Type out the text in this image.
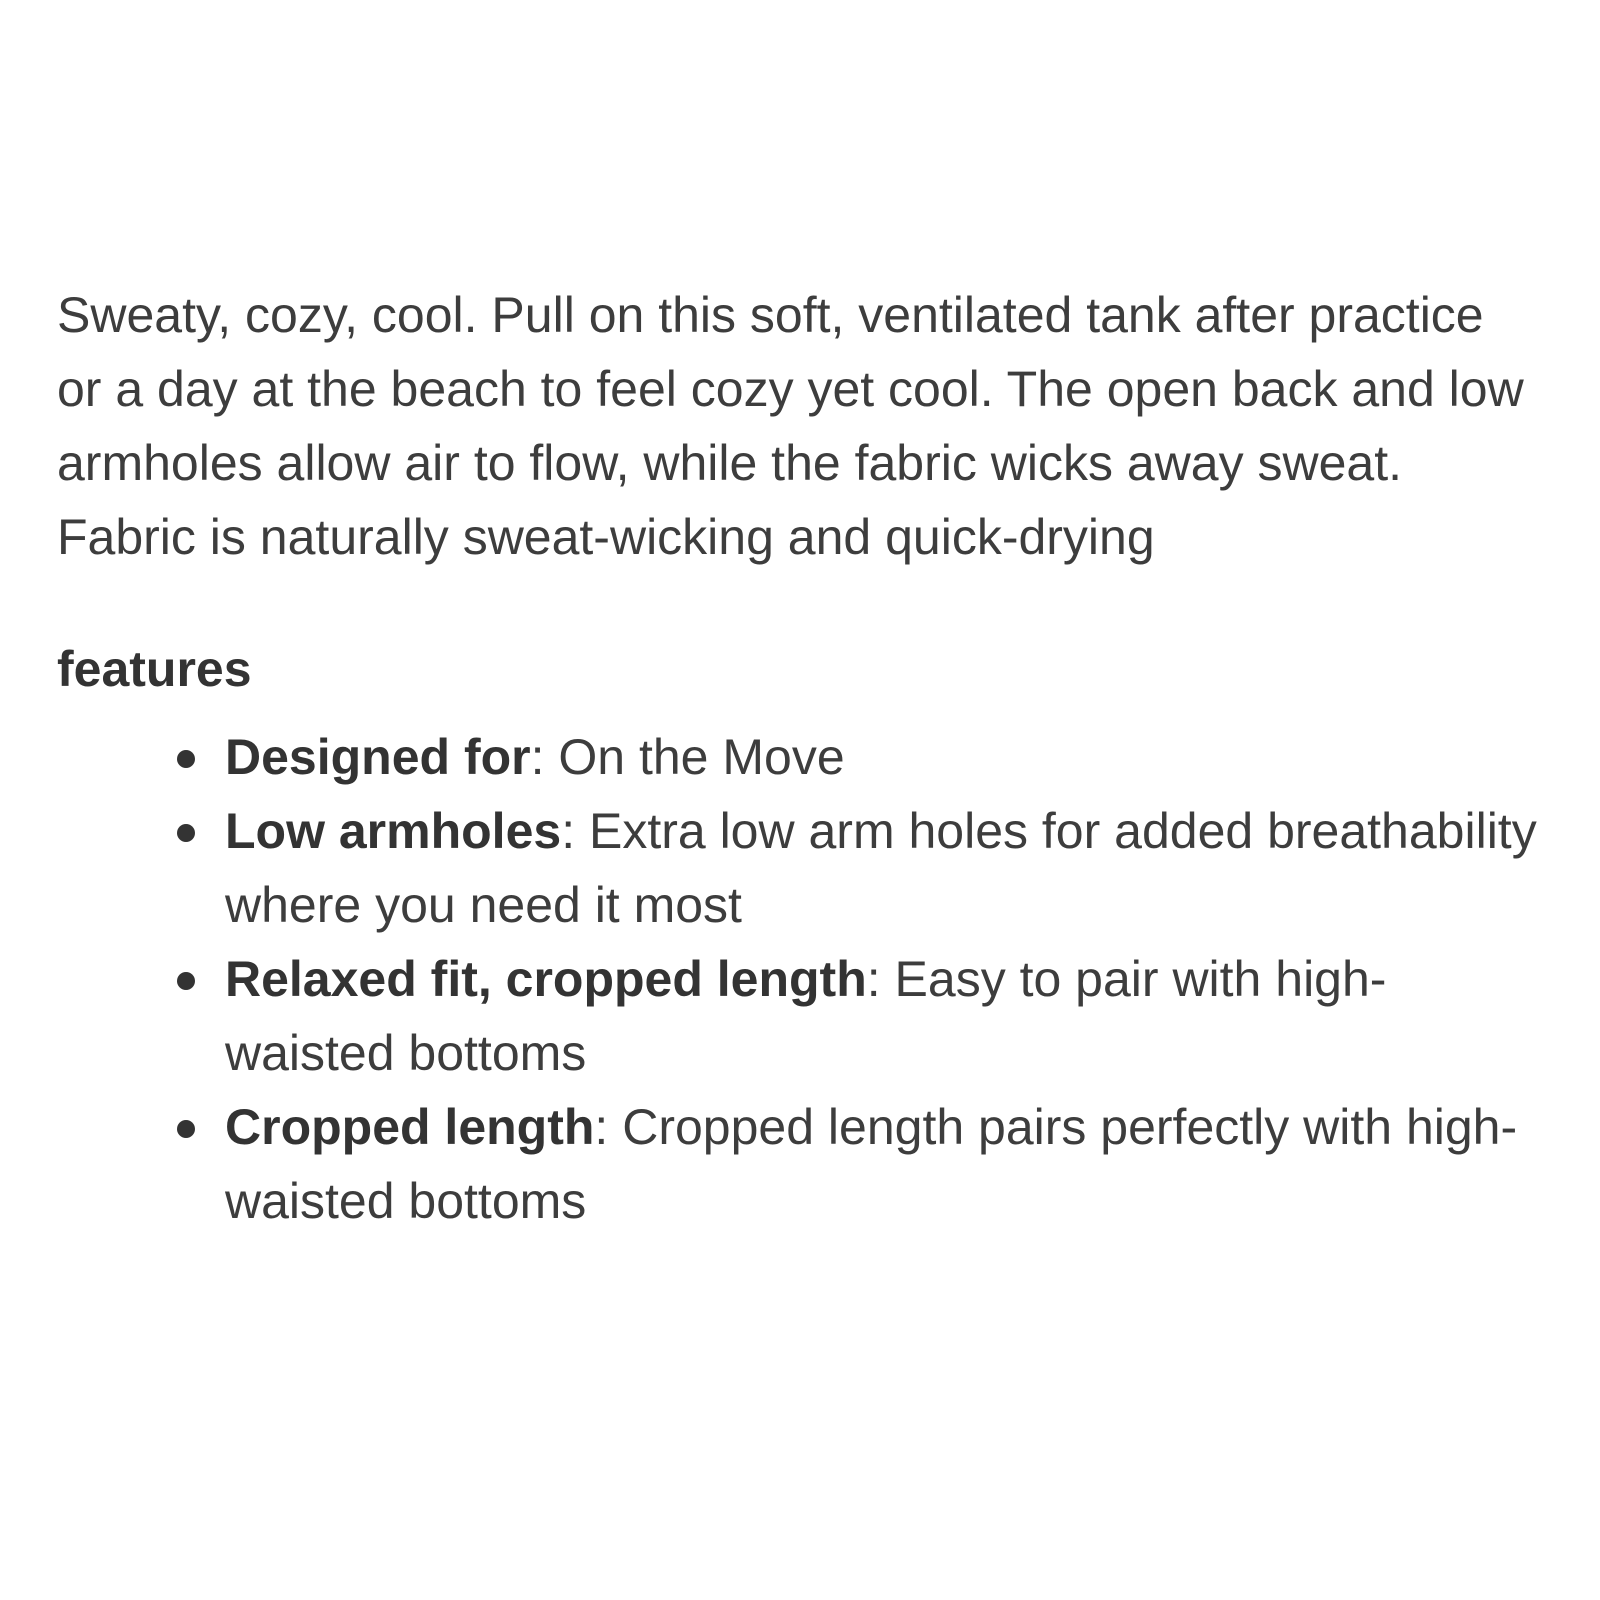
Sweaty, cozy, cool. Pull on this soft, ventilated tank after practice or a day at the beach to feel cozy yet cool. The open back and low armholes allow air to flow, while the fabric wicks away sweat.

Fabric is naturally sweat-wicking and quick-drying

features
Designed for: On the Move
Low armholes: Extra low arm holes for added breathability where you need it most
Relaxed fit, cropped length: Easy to pair with high-waisted bottoms
Cropped length: Cropped length pairs perfectly with high-waisted bottoms
